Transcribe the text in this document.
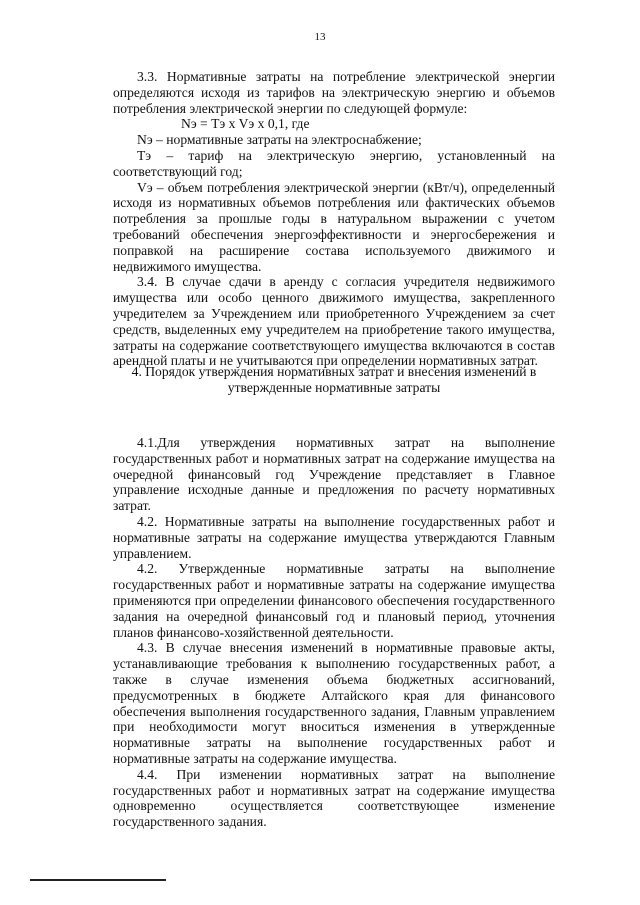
13

3.3. Нормативные затраты на потребление электрической энергии определяются исходя из тарифов на электрическую энергию и объемов потребления электрической энергии по следующей формуле:

Nэ = Tэ x Vэ x 0,1, где

Nэ – нормативные затраты на электроснабжение;

Tэ – тариф на электрическую энергию, установленный на соответствующий год;

Vэ – объем потребления электрической энергии (кВт/ч), определенный исходя из нормативных объемов потребления или фактических объемов потребления за прошлые годы в натуральном выражении с учетом требований обеспечения энергоэффективности и энергосбережения и поправкой на расширение состава используемого движимого и недвижимого имущества.

3.4. В случае сдачи в аренду с согласия учредителя недвижимого имущества или особо ценного движимого имущества, закрепленного учредителем за Учреждением или приобретенного Учреждением за счет средств, выделенных ему учредителем на приобретение такого имущества, затраты на содержание соответствующего имущества включаются в состав арендной платы и не учитываются при определении нормативных затрат.

4. Порядок утверждения нормативных затрат и внесения изменений в

утвержденные нормативные затраты

4.1.Для утверждения нормативных затрат на выполнение государственных работ и нормативных затрат на содержание имущества на очередной финансовый год Учреждение представляет в Главное управление исходные данные и предложения по расчету нормативных затрат.

4.2. Нормативные затраты на выполнение государственных работ и нормативные затраты на содержание имущества утверждаются Главным управлением.

4.2. Утвержденные нормативные затраты на выполнение государственных работ и нормативные затраты на содержание имущества применяются при определении финансового обеспечения государственного задания на очередной финансовый год и плановый период, уточнения планов финансово-хозяйственной деятельности.

4.3. В случае внесения изменений в нормативные правовые акты, устанавливающие требования к выполнению государственных работ, а также в случае изменения объема бюджетных ассигнований, предусмотренных в бюджете Алтайского края для финансового обеспечения выполнения государственного задания, Главным управлением при необходимости могут вноситься изменения в утвержденные нормативные затраты на выполнение государственных работ и нормативные затраты на содержание имущества.

4.4. При изменении нормативных затрат на выполнение государственных работ и нормативных затрат на содержание имущества одновременно осуществляется соответствующее изменение государственного задания.
